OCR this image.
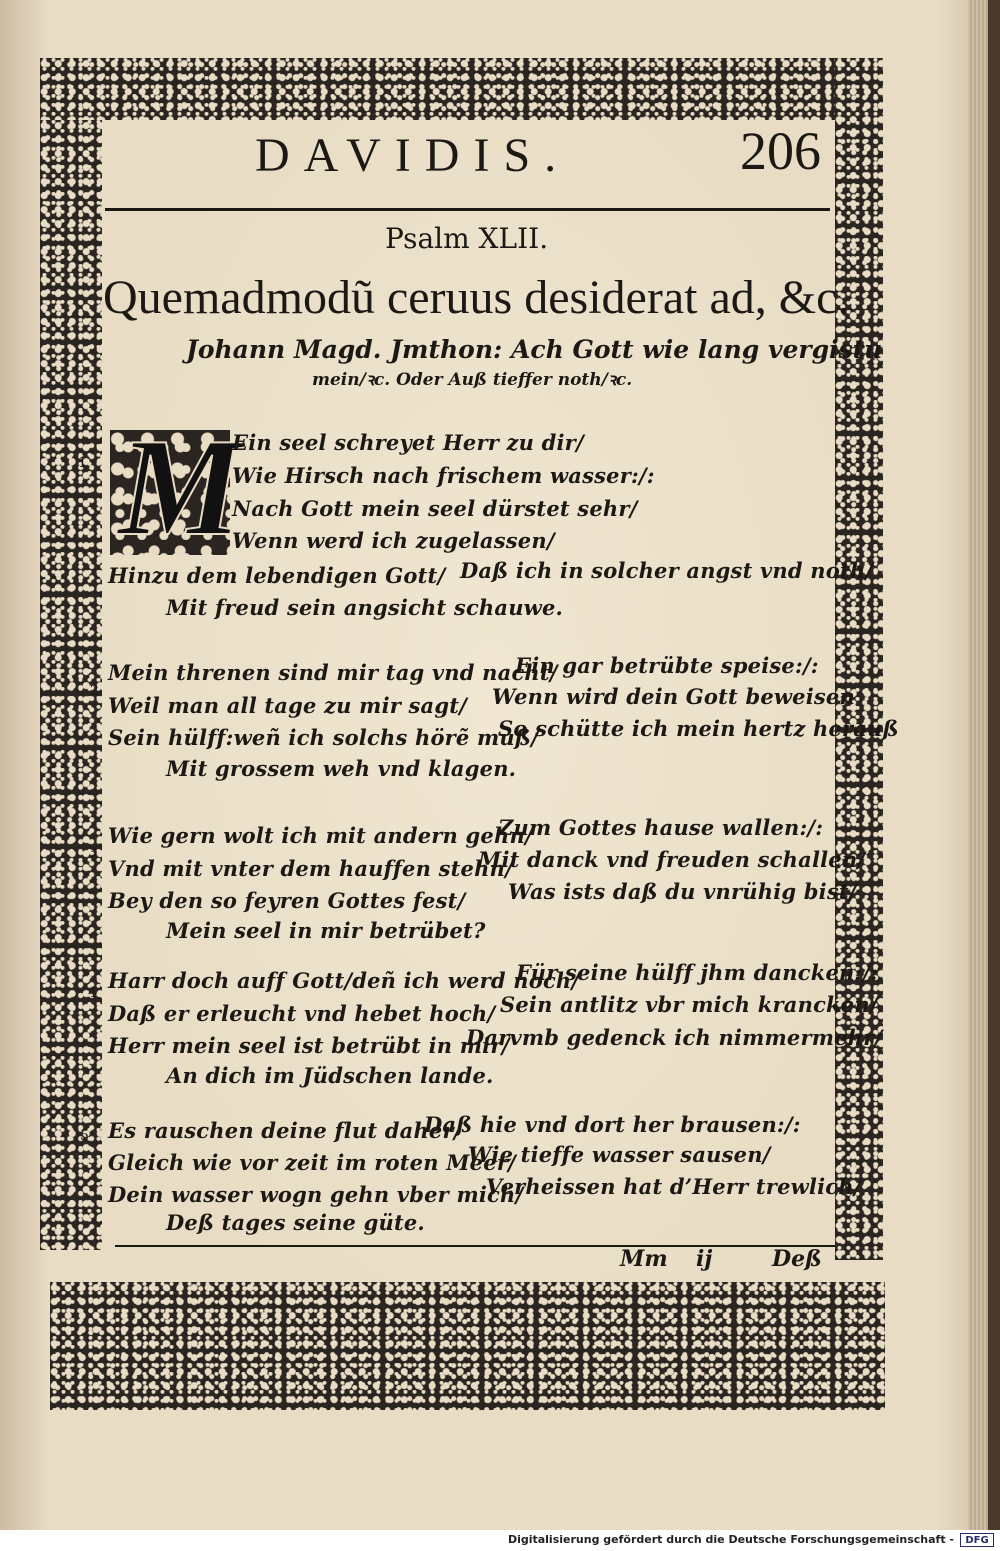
DAVIDIS.	206
Psalm XLII.
Quemadmodũ ceruus desiderat ad, &c.
Johann Magd. Jmthon: Ach Gott wie lang vergistu
mein/ꝛc. Oder Auß tieffer noth/ꝛc.
1 M
Ein seel schreyet Herr zu dir/
Wie Hirsch nach frischem wasser:/:
Nach Gott mein seel dürstet sehr/
Wenn werd ich zugelassen/
Hinzu dem lebendigen Gott/ Daß ich in solcher angst vnd noth/
Mit freud sein angsicht schauwe.
2
Mein threnen sind mir tag vnd nacht/
Ein gar betrübte speise:/:
Weil man all tage zu mir sagt/ Wenn wird dein Gott beweisen
Sein hülff:weñ ich solchs hörẽ muß/
So schütte ich mein hertz herauß
Mit grossem weh vnd klagen.
3
Wie gern wolt ich mit andern gehn/
Zum Gottes hause wallen:/:
Vnd mit vnter dem hauffen stehn/
Mit danck vnd freuden schallen/
Bey den so feyren Gottes fest/ Was ists daß du vnrühig bist/
Mein seel in mir betrübet?
4 Harr doch auff Gott/deñ ich werd noch/
Für seine hülff jhm dancken:/:
Daß er erleucht vnd hebet hoch/ Sein antlitz vbr mich krancken/
Herr mein seel ist betrübt in mir/
Darvmb gedenck ich nimmermehr/
An dich im Jüdschen lande.
5 Es rauschen deine flut daher/
Daß hie vnd dort her brausen:/:
Gleich wie vor zeit im roten Meer/
Wie tieffe wasser sausen/
Dein wasser wogn gehn vber mich/
Verheissen hat d’Herr trewlich/
Deß tages seine güte.
Mm ij	Deß
Digitalisierung gefördert durch die Deutsche Forschungsgemeinschaft -	DFG
